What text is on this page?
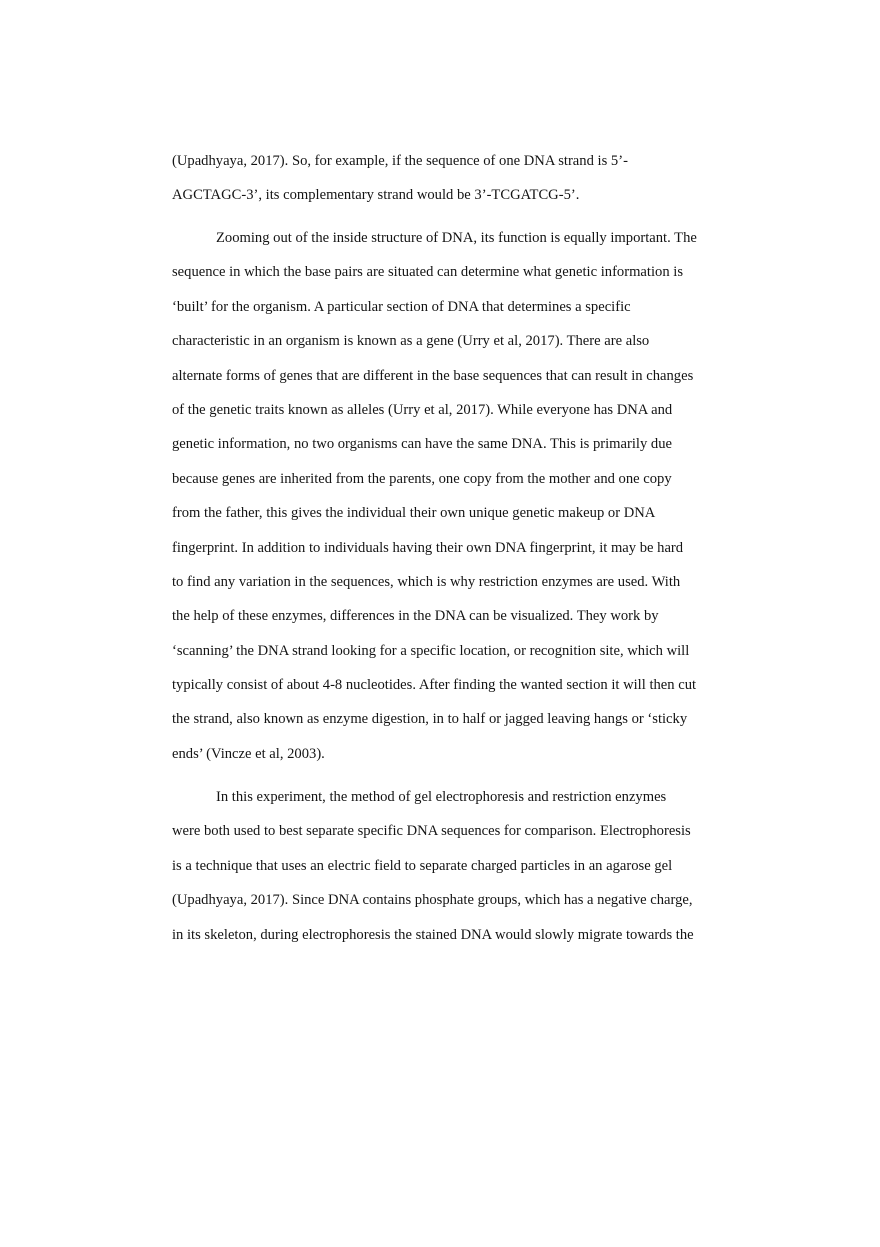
(Upadhyaya, 2017). So, for example, if the sequence of one DNA strand is 5’-
AGCTAGC-3’, its complementary strand would be 3’-TCGATCG-5’.
Zooming out of the inside structure of DNA, its function is equally important. The
sequence in which the base pairs are situated can determine what genetic information is
‘built’ for the organism. A particular section of DNA that determines a specific
characteristic in an organism is known as a gene (Urry et al, 2017). There are also
alternate forms of genes that are different in the base sequences that can result in changes
of the genetic traits known as alleles (Urry et al, 2017). While everyone has DNA and
genetic information, no two organisms can have the same DNA. This is primarily due
because genes are inherited from the parents, one copy from the mother and one copy
from the father, this gives the individual their own unique genetic makeup or DNA
fingerprint. In addition to individuals having their own DNA fingerprint, it may be hard
to find any variation in the sequences, which is why restriction enzymes are used. With
the help of these enzymes, differences in the DNA can be visualized. They work by
‘scanning’ the DNA strand looking for a specific location, or recognition site, which will
typically consist of about 4-8 nucleotides. After finding the wanted section it will then cut
the strand, also known as enzyme digestion, in to half or jagged leaving hangs or ‘sticky
ends’ (Vincze et al, 2003).
In this experiment, the method of gel electrophoresis and restriction enzymes
were both used to best separate specific DNA sequences for comparison. Electrophoresis
is a technique that uses an electric field to separate charged particles in an agarose gel
(Upadhyaya, 2017). Since DNA contains phosphate groups, which has a negative charge,
in its skeleton, during electrophoresis the stained DNA would slowly migrate towards the
